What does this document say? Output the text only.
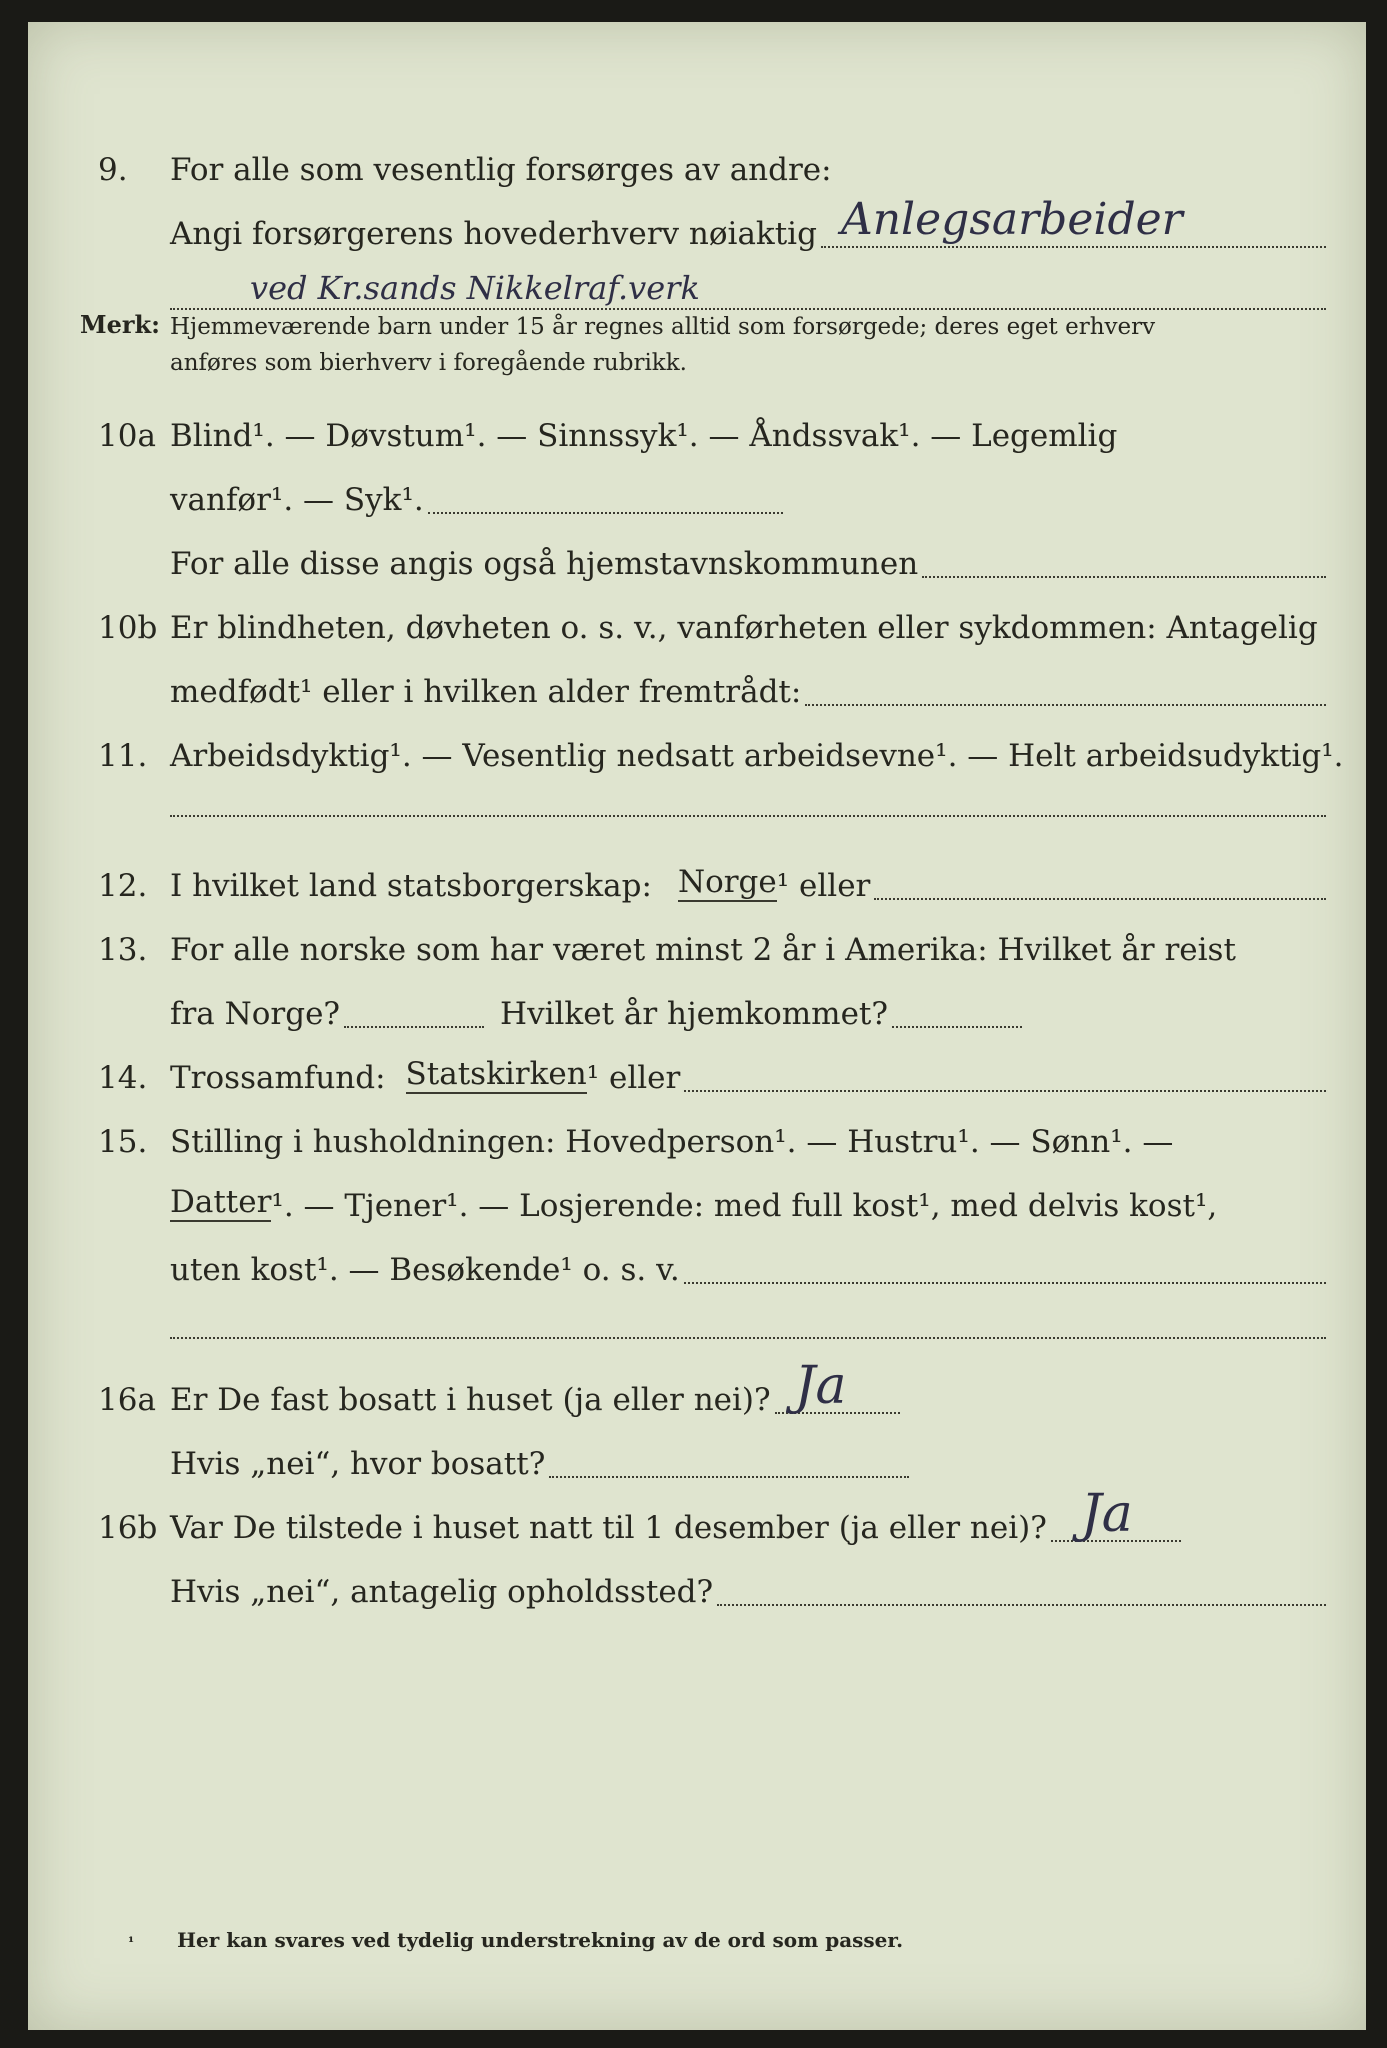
9. For alle som vesentlig forsørges av andre:
Angi forsørgerens hovederhverv nøiaktig Anlegsarbeider
ved Kr.sands Nikkelraf.verk
Merk: Hjemmeværende barn under 15 år regnes alltid som forsørgede; deres eget erhverv
anføres som bierhverv i foregående rubrikk.
10a Blind¹. — Døvstum¹. — Sinnssyk¹. — Åndssvak¹. — Legemlig
vanfør¹. — Syk¹.
For alle disse angis også hjemstavnskommunen
10b Er blindheten, døvheten o. s. v., vanførheten eller sykdommen: Antagelig
medfødt¹ eller i hvilken alder fremtrådt:
11. Arbeidsdyktig¹. — Vesentlig nedsatt arbeidsevne¹. — Helt arbeidsudyktig¹.
12. I hvilket land statsborgerskap: Norge ¹ eller
13. For alle norske som har været minst 2 år i Amerika: Hvilket år reist
fra Norge?	Hvilket år hjemkommet?
14. Trossamfund: Statskirken ¹ eller
15. Stilling i husholdningen: Hovedperson¹. — Hustru¹. — Sønn¹. —
Datter ¹. — Tjener¹. — Losjerende: med full kost¹, med delvis kost¹,
uten kost¹. — Besøkende¹ o. s. v.
16a Er De fast bosatt i huset (ja eller nei)? Ja
Hvis „nei“, hvor bosatt?
16b Var De tilstede i huset natt til 1 desember (ja eller nei)? Ja
Hvis „nei“, antagelig opholdssted?
¹ Her kan svares ved tydelig understrekning av de ord som passer.
